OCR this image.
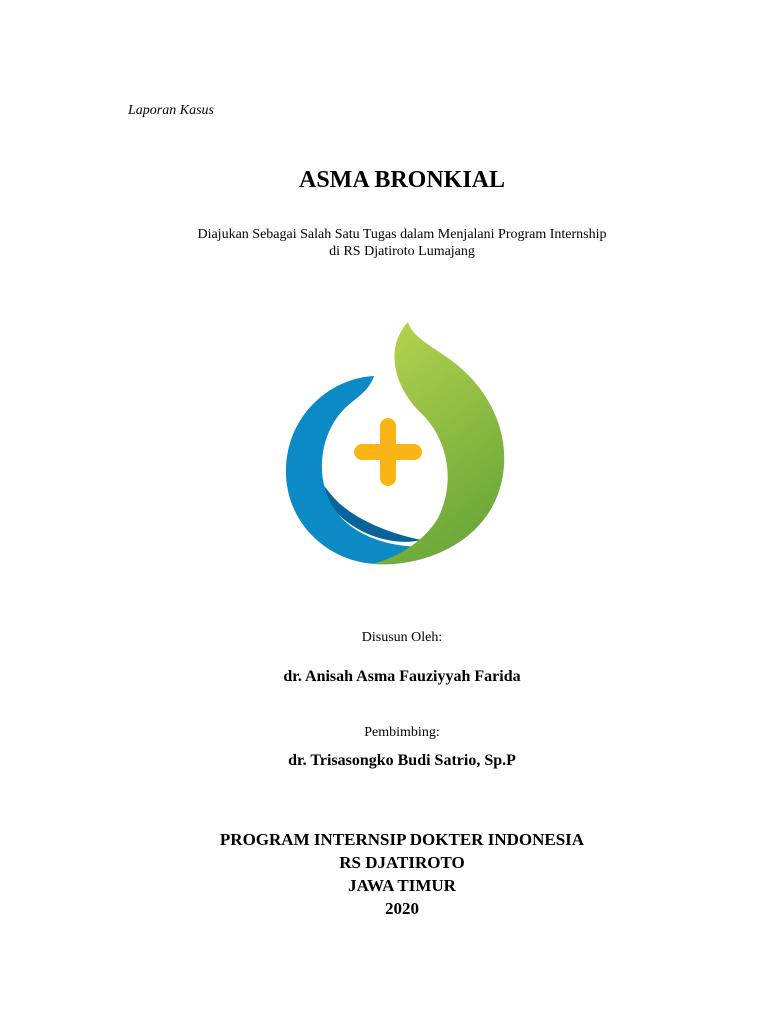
Laporan Kasus
ASMA BRONKIAL
Diajukan Sebagai Salah Satu Tugas dalam Menjalani Program Internship
di RS Djatiroto Lumajang
Disusun Oleh:
dr. Anisah Asma Fauziyyah Farida
Pembimbing:
dr. Trisasongko Budi Satrio, Sp.P
PROGRAM INTERNSIP DOKTER INDONESIA
RS DJATIROTO
JAWA TIMUR
2020
